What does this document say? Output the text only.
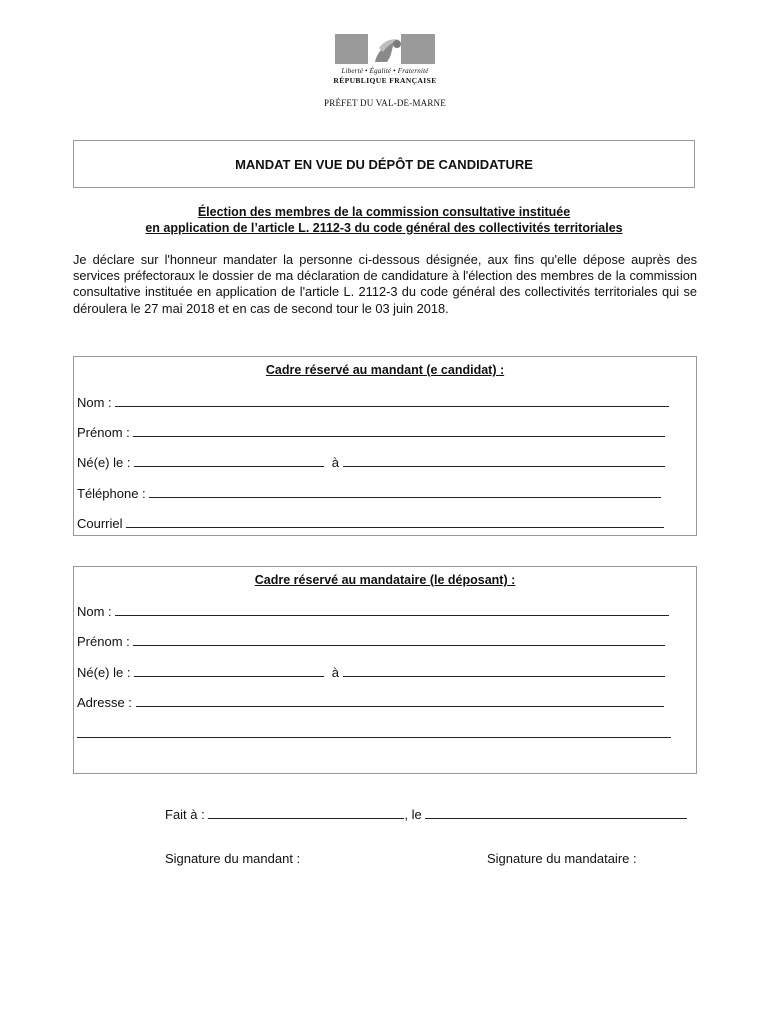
Liberté • Égalité • Fraternité
RÉPUBLIQUE FRANÇAISE
PRÉFET DU VAL-DE-MARNE
MANDAT EN VUE DU DÉPÔT DE CANDIDATURE
Élection des membres de la commission consultative instituée
en application de l’article L. 2112-3 du code général des collectivités territoriales
Je déclare sur l'honneur mandater la personne ci-dessous désignée, aux fins qu'elle dépose auprès des services préfectoraux le dossier de ma déclaration de candidature à l'élection des membres de la commission consultative instituée en application de l'article L. 2112-3 du code général des collectivités territoriales qui se déroulera le 27 mai 2018 et en cas de second tour le 03 juin 2018.
Cadre réservé au mandant (e candidat) :
Nom :
Prénom :
Né(e) le :	à
Téléphone :
Courriel
Cadre réservé au mandataire (le déposant) :
Nom :
Prénom :
Né(e) le :	à
Adresse :
Fait à :	, le
Signature du mandant :	Signature du mandataire :
